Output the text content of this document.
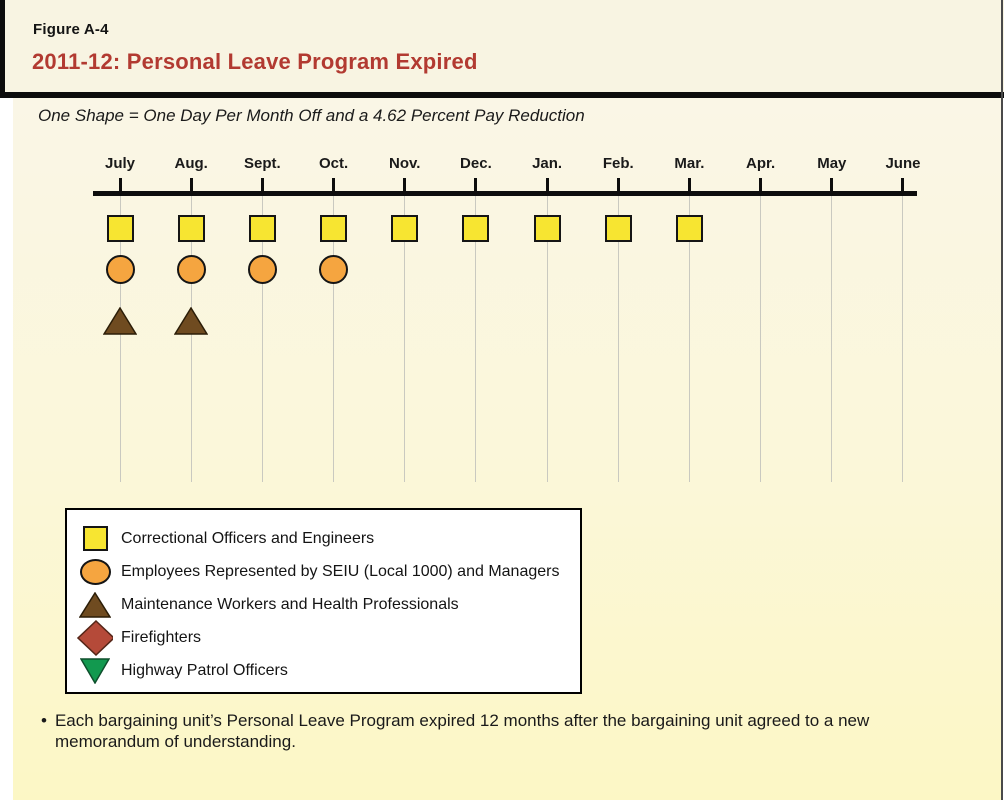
Figure A-4
2011-12: Personal Leave Program Expired
One Shape = One Day Per Month Off and a 4.62 Percent Pay Reduction
July	Aug.	Sept.	Oct.	Nov.	Dec.	Jan.	Feb.	Mar.	Apr.	May	June
Correctional Officers and Engineers
Employees Represented by SEIU (Local 1000) and Managers
Maintenance Workers and Health Professionals
Firefighters
Highway Patrol Officers
• Each bargaining unit’s Personal Leave Program expired 12 months after the bargaining unit agreed to a new
memorandum of understanding.
